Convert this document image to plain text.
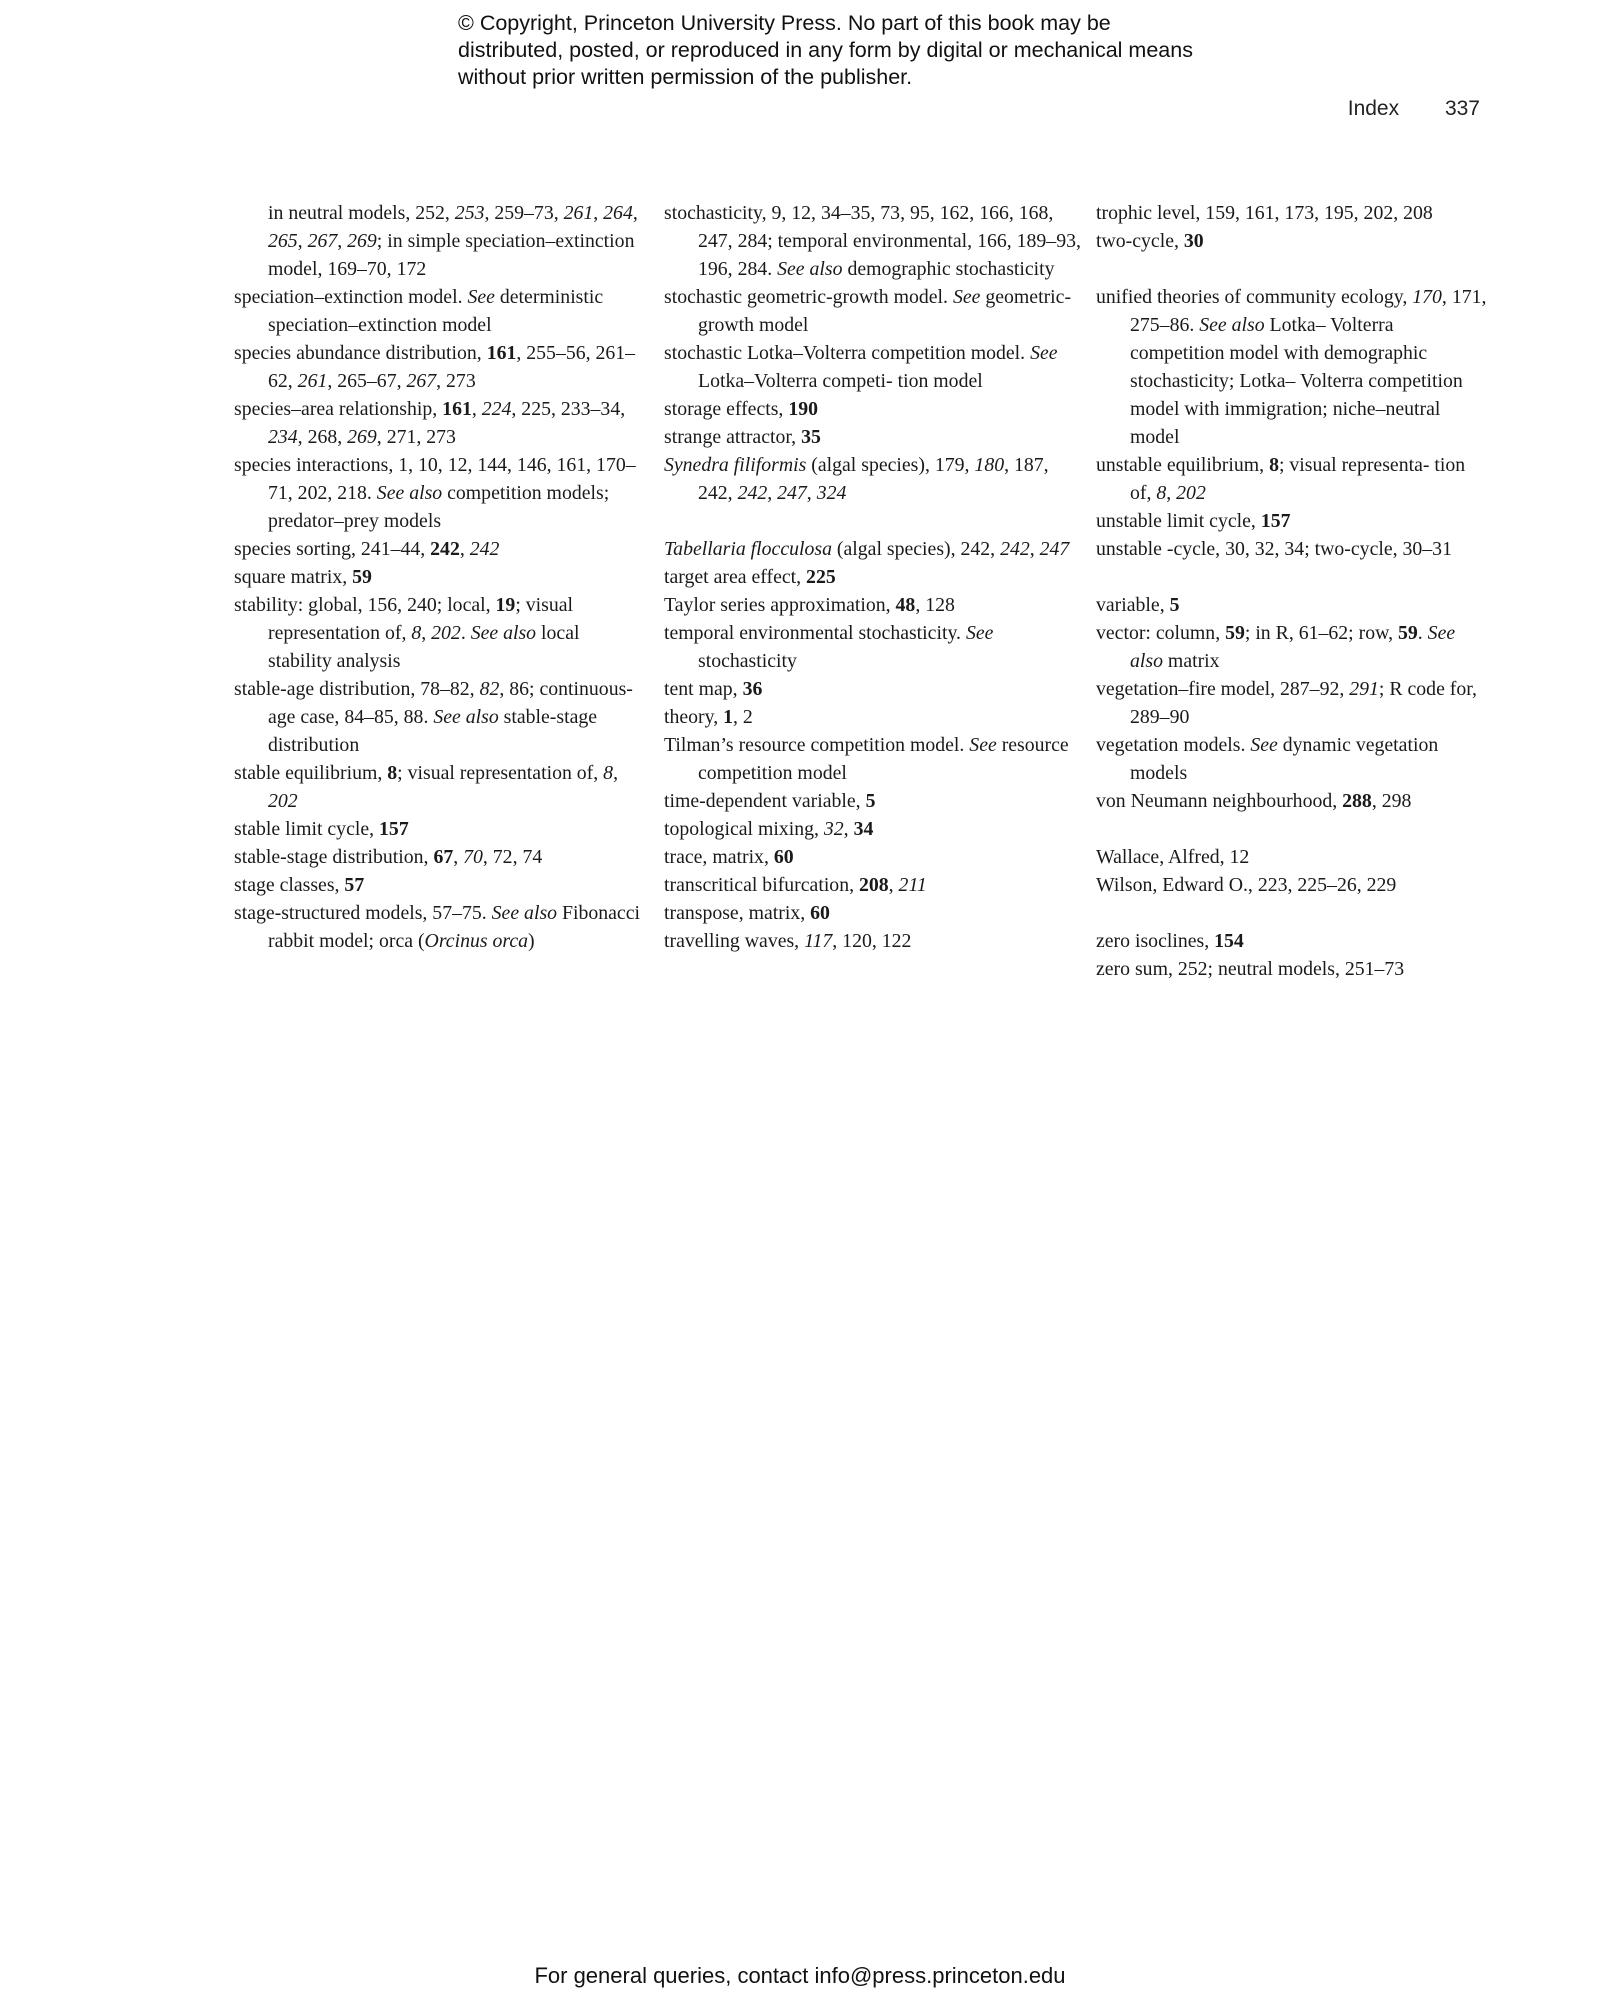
© Copyright, Princeton University Press. No part of this book may be distributed, posted, or reproduced in any form by digital or mechanical means without prior written permission of the publisher.
Index 337
in neutral models, 252, 253, 259–73, 261, 264, 265, 267, 269; in simple speciation–extinction model, 169–70, 172
speciation–extinction model. See deterministic speciation–extinction model
species abundance distribution, 161, 255–56, 261–62, 261, 265–67, 267, 273
species–area relationship, 161, 224, 225, 233–34, 234, 268, 269, 271, 273
species interactions, 1, 10, 12, 144, 146, 161, 170–71, 202, 218. See also competition models; predator–prey models
species sorting, 241–44, 242, 242
square matrix, 59
stability: global, 156, 240; local, 19; visual representation of, 8, 202. See also local stability analysis
stable-age distribution, 78–82, 82, 86; continuous-age case, 84–85, 88. See also stable-stage distribution
stable equilibrium, 8; visual representation of, 8, 202
stable limit cycle, 157
stable-stage distribution, 67, 70, 72, 74
stage classes, 57
stage-structured models, 57–75. See also Fibonacci rabbit model; orca (Orcinus orca)
stochasticity, 9, 12, 34–35, 73, 95, 162, 166, 168, 247, 284; temporal environmental, 166, 189–93, 196, 284. See also demographic stochasticity
stochastic geometric-growth model. See geometric-growth model
stochastic Lotka–Volterra competition model. See Lotka–Volterra competi- tion model
storage effects, 190
strange attractor, 35
Synedra filiformis (algal species), 179, 180, 187, 242, 242, 247, 324
Tabellaria flocculosa (algal species), 242, 242, 247
target area effect, 225
Taylor series approximation, 48, 128
temporal environmental stochasticity. See stochasticity
tent map, 36
theory, 1, 2
Tilman’s resource competition model. See resource competition model
time-dependent variable, 5
topological mixing, 32, 34
trace, matrix, 60
transcritical bifurcation, 208, 211
transpose, matrix, 60
travelling waves, 117, 120, 122
trophic level, 159, 161, 173, 195, 202, 208
two-cycle, 30
unified theories of community ecology, 170, 171, 275–86. See also Lotka– Volterra competition model with demographic stochasticity; Lotka– Volterra competition model with immigration; niche–neutral model
unstable equilibrium, 8; visual representa- tion of, 8, 202
unstable limit cycle, 157
unstable -cycle, 30, 32, 34; two-cycle, 30–31
variable, 5
vector: column, 59; in R, 61–62; row, 59. See also matrix
vegetation–fire model, 287–92, 291; R code for, 289–90
vegetation models. See dynamic vegetation models
von Neumann neighbourhood, 288, 298
Wallace, Alfred, 12
Wilson, Edward O., 223, 225–26, 229
zero isoclines, 154
zero sum, 252; neutral models, 251–73
For general queries, contact info@press.princeton.edu
